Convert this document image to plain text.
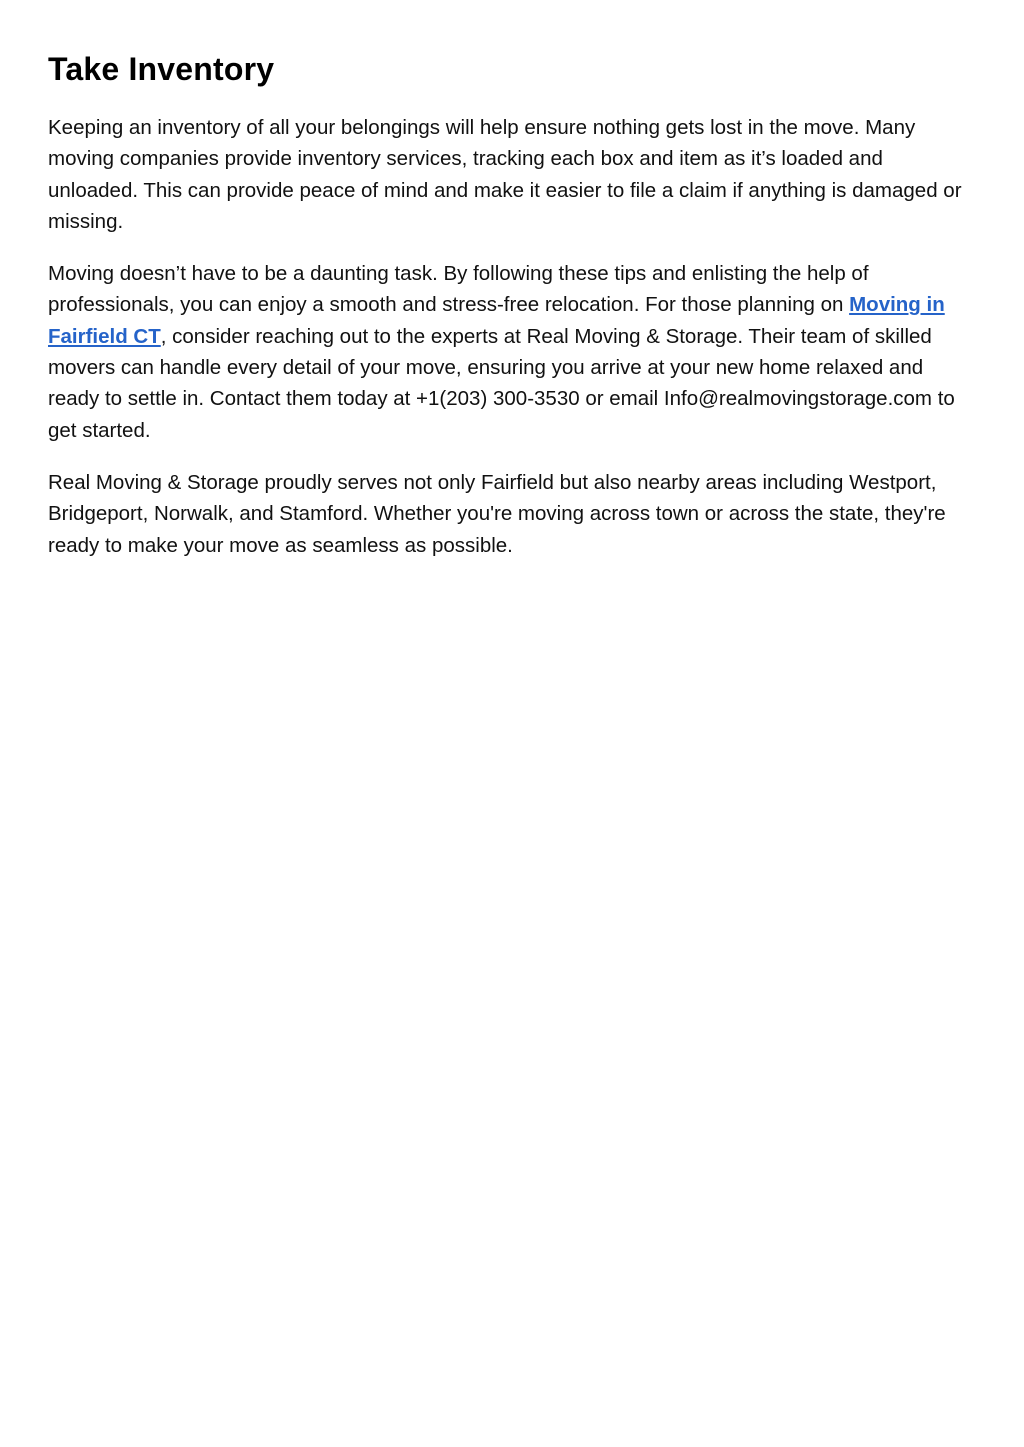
Take Inventory

Keeping an inventory of all your belongings will help ensure nothing gets lost in the move. Many moving companies provide inventory services, tracking each box and item as it’s loaded and unloaded. This can provide peace of mind and make it easier to file a claim if anything is damaged or missing.

Moving doesn’t have to be a daunting task. By following these tips and enlisting the help of professionals, you can enjoy a smooth and stress-free relocation. For those planning on Moving in Fairfield CT, consider reaching out to the experts at Real Moving & Storage. Their team of skilled movers can handle every detail of your move, ensuring you arrive at your new home relaxed and ready to settle in. Contact them today at +1(203) 300-3530 or email Info@realmovingstorage.com to get started.

Real Moving & Storage proudly serves not only Fairfield but also nearby areas including Westport, Bridgeport, Norwalk, and Stamford. Whether you're moving across town or across the state, they're ready to make your move as seamless as possible.
